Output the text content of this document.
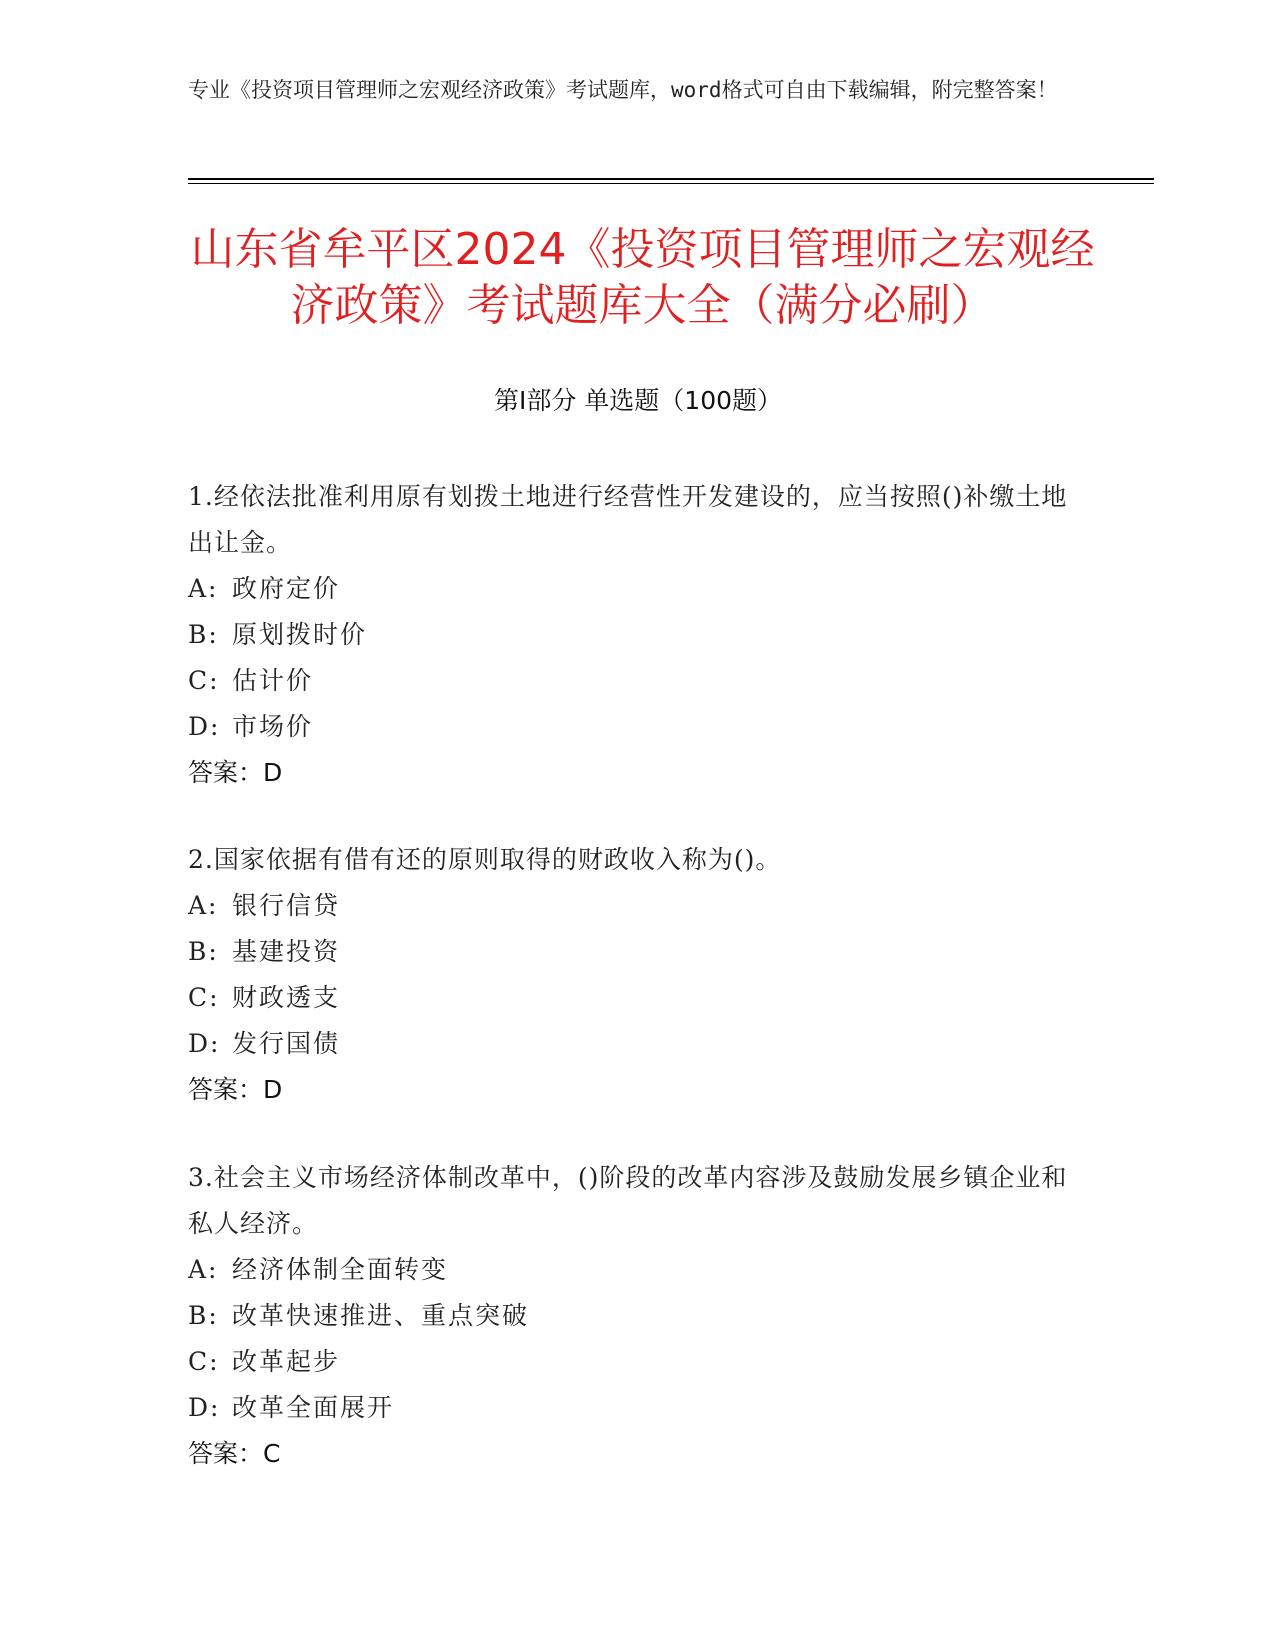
专业《投资项目管理师之宏观经济政策》考试题库，word格式可自由下载编辑，附完整答案！
山东省牟平区2024《投资项目管理师之宏观经济政策》考试题库大全（满分必刷）
第Ⅰ部分 单选题（100题）
1.经依法批准利用原有划拨土地进行经营性开发建设的，应当按照()补缴土地出让金。
A: 政府定价
B: 原划拨时价
C: 估计价
D: 市场价
答案：D
2.国家依据有借有还的原则取得的财政收入称为()。
A: 银行信贷
B: 基建投资
C: 财政透支
D: 发行国债
答案：D
3.社会主义市场经济体制改革中，()阶段的改革内容涉及鼓励发展乡镇企业和私人经济。
A: 经济体制全面转变
B: 改革快速推进、重点突破
C: 改革起步
D: 改革全面展开
答案：C
